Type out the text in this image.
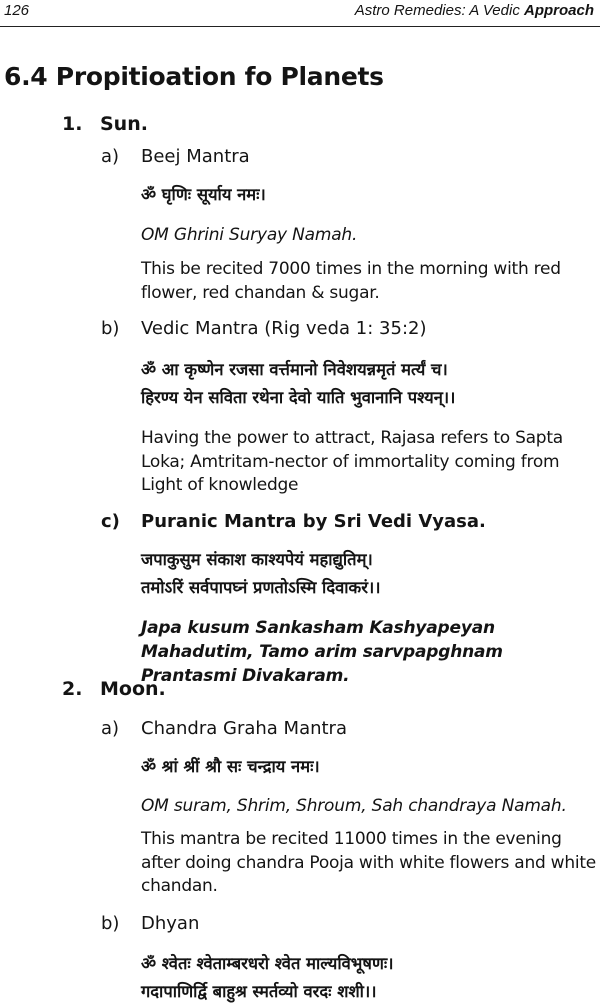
126	Astro Remedies: A Vedic Approach
6.4 Propitioation fo Planets
1. Sun.
a) Beej Mantra
ॐ घृणिः सूर्याय नमः।
OM Ghrini Suryay Namah.
This be recited 7000 times in the morning with red flower, red chandan & sugar.
b) Vedic Mantra (Rig veda 1: 35:2)
ॐ आ कृष्णेन रजसा वर्त्तमानो निवेशयन्नमृतं मर्त्यं च।
हिरण्य येन सविता रथेना देवो याति भुवानानि पश्यन्।।
Having the power to attract, Rajasa refers to Sapta Loka; Amtritam-nector of immortality coming from Light of knowledge
c) Puranic Mantra by Sri Vedi Vyasa.
जपाकुसुम संकाश काश्यपेयं महाद्युतिम्।
तमोऽरिं सर्वपापघ्नं प्रणतोऽस्मि दिवाकरं।।
Japa kusum Sankasham Kashyapeyan Mahadutim, Tamo arim sarvpapghnam Prantasmi Divakaram.
2. Moon.
a) Chandra Graha Mantra
ॐ श्रां श्रीं श्रौ सः चन्द्राय नमः।
OM suram, Shrim, Shroum, Sah chandraya Namah.
This mantra be recited 11000 times in the evening after doing chandra Pooja with white flowers and white chandan.
b) Dhyan
ॐ श्वेतः श्वेताम्बरधरो श्वेत माल्यविभूषणः।
गदापाणिर्द्वि बाहुश्र स्मर्तव्यो वरदः शशी।।
